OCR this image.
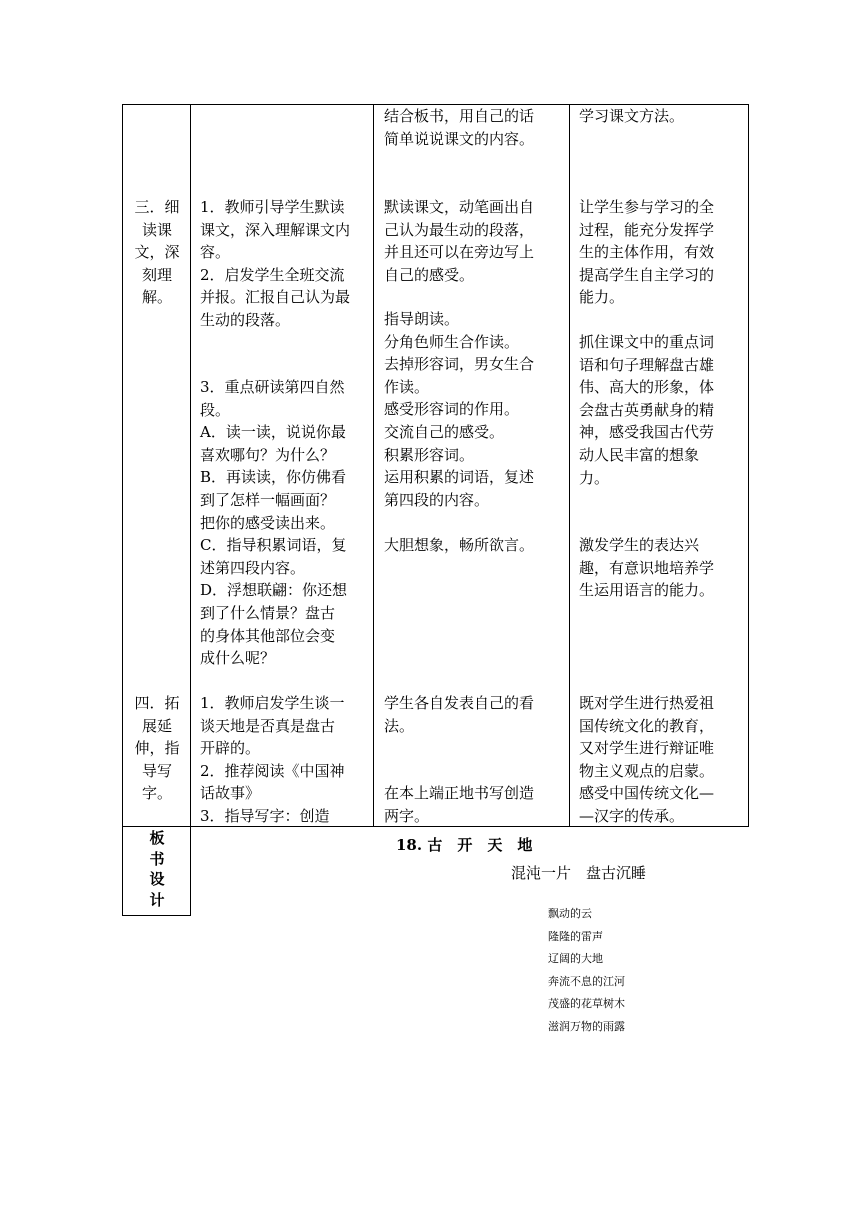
结合板书，用自己的话
简单说说课文的内容。
学习课文方法。
三．细
读课
文，深
刻理
解。
1．教师引导学生默读
课文，深入理解课文内
容。
2．启发学生全班交流
并报。汇报自己认为最
生动的段落。
3．重点研读第四自然
段。
A．读一读，说说你最
喜欢哪句？为什么？
B．再读读，你仿佛看
到了怎样一幅画面？
把你的感受读出来。
C．指导积累词语，复
述第四段内容。
D．浮想联翩：你还想
到了什么情景？盘古
的身体其他部位会变
成什么呢？
默读课文，动笔画出自
己认为最生动的段落，
并且还可以在旁边写上
自己的感受。
指导朗读。
分角色师生合作读。
去掉形容词，男女生合
作读。
感受形容词的作用。
交流自己的感受。
积累形容词。
运用积累的词语，复述
第四段的内容。
大胆想象，畅所欲言。
让学生参与学习的全
过程，能充分发挥学
生的主体作用，有效
提高学生自主学习的
能力。
抓住课文中的重点词
语和句子理解盘古雄
伟、高大的形象，体
会盘古英勇献身的精
神，感受我国古代劳
动人民丰富的想象
力。
激发学生的表达兴
趣，有意识地培养学
生运用语言的能力。
四．拓
展延
伸，指
导写
字。
1．教师启发学生谈一
谈天地是否真是盘古
开辟的。
2．推荐阅读《中国神
话故事》
3．指导写字：创造
学生各自发表自己的看
法。
在本上端正地书写创造
两字。
既对学生进行热爱祖
国传统文化的教育，
又对学生进行辩证唯
物主义观点的启蒙。
感受中国传统文化—
—汉字的传承。
板
书
设
计
18. 古　开　天　地
混沌一片　盘古沉睡
飘动的云
隆隆的雷声
辽阔的大地
奔流不息的江河
茂盛的花草树木
滋润万物的雨露
